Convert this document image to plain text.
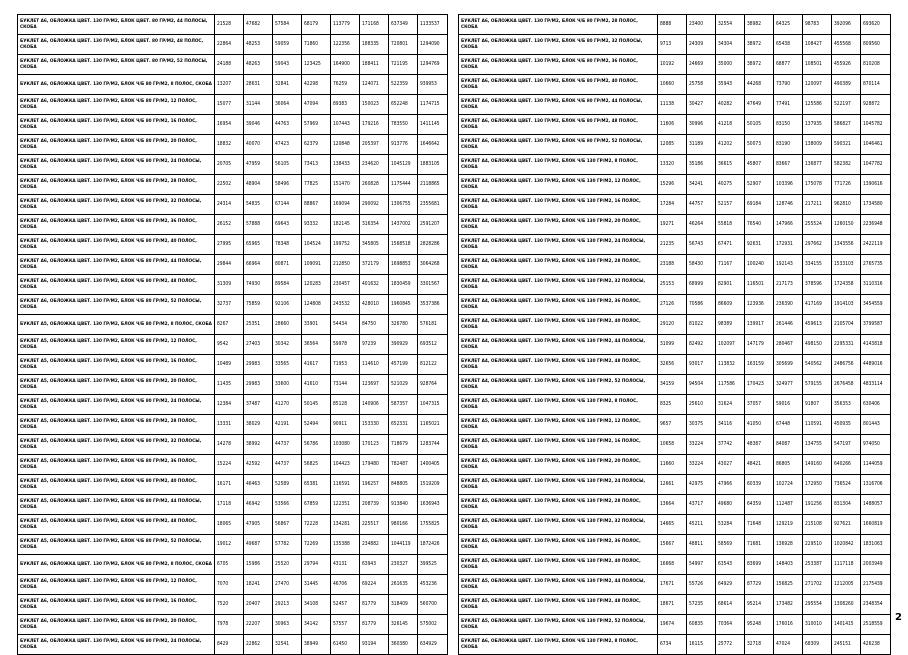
БУКЛЕТ А6, ОБЛОЖКА ЦВЕТ. 130 ГР/М2, БЛОК ЦВЕТ. 80 ГР/М2, 44 ПОЛОСЫ, СКОБА	21528	47682	57584	68179	113779	171168	637349	1133537
БУКЛЕТ А6, ОБЛОЖКА ЦВЕТ. 130 ГР/М2, БЛОК ЦВЕТ. 80 ГР/М2, 48 ПОЛОС, СКОБА	22864	48253	59059	71860	122356	188335	720801	1294090
БУКЛЕТ А6, ОБЛОЖКА ЦВЕТ. 130 ГР/М2, БЛОК ЦВЕТ. 80 ГР/М2, 52 ПОЛОСЫ, СКОБА	24188	48263	59043	123425	164900	188411	721195	1294769
БУКЛЕТ А6, ОБЛОЖКА ЦВЕТ. 130 ГР/М2, БЛОК Ч/Б 80 ГР/М2, 8 ПОЛОС, СКОБА	13207	28631	32841	42298	76259	124071	522359	939953
БУКЛЕТ А6, ОБЛОЖКА ЦВЕТ. 130 ГР/М2, БЛОК Ч/Б 80 ГР/М2, 12 ПОЛОС, СКОБА	15077	31144	36064	47094	89383	150023	652248	1174715
БУКЛЕТ А6, ОБЛОЖКА ЦВЕТ. 130 ГР/М2, БЛОК Ч/Б 80 ГР/М2, 16 ПОЛОС, СКОБА	16954	39046	44763	57969	107443	179216	783550	1411145
БУКЛЕТ А6, ОБЛОЖКА ЦВЕТ. 130 ГР/М2, БЛОК Ч/Б 80 ГР/М2, 20 ПОЛОС, СКОБА	18832	40070	47423	62379	120848	205397	913776	1646642
БУКЛЕТ А6, ОБЛОЖКА ЦВЕТ. 130 ГР/М2, БЛОК Ч/Б 80 ГР/М2, 24 ПОЛОСЫ, СКОБА	20705	47959	56105	73413	138433	234620	1045129	1883105
БУКЛЕТ А6, ОБЛОЖКА ЦВЕТ. 130 ГР/М2, БЛОК Ч/Б 80 ГР/М2, 28 ПОЛОС, СКОБА	22502	48904	58496	77825	151470	260828	1175444	2118865
БУКЛЕТ А6, ОБЛОЖКА ЦВЕТ. 130 ГР/М2, БЛОК Ч/Б 80 ГР/М2, 32 ПОЛОСЫ, СКОБА	24314	54835	67144	88867	169094	290092	1306755	2355681
БУКЛЕТ А6, ОБЛОЖКА ЦВЕТ. 130 ГР/М2, БЛОК Ч/Б 80 ГР/М2, 36 ПОЛОС, СКОБА	26152	57888	69643	93332	182145	316354	1437002	2591207
БУКЛЕТ А6, ОБЛОЖКА ЦВЕТ. 130 ГР/М2, БЛОК Ч/Б 80 ГР/М2, 40 ПОЛОС, СКОБА	27995	65965	78348	104524	199752	345805	1568518	2828286
БУКЛЕТ А6, ОБЛОЖКА ЦВЕТ. 130 ГР/М2, БЛОК Ч/Б 80 ГР/М2, 44 ПОЛОСЫ, СКОБА	29844	66964	80871	109091	212850	372179	1698853	3064268
БУКЛЕТ А6, ОБЛОЖКА ЦВЕТ. 130 ГР/М2, БЛОК Ч/Б 80 ГР/М2, 48 ПОЛОС, СКОБА	31309	74930	89584	120283	230457	401632	1830459	3301567
БУКЛЕТ А6, ОБЛОЖКА ЦВЕТ. 130 ГР/М2, БЛОК Ч/Б 80 ГР/М2, 52 ПОЛОСЫ, СКОБА	32737	75859	92106	124808	243532	428010	1960845	3537386
БУКЛЕТ А5, ОБЛОЖКА ЦВЕТ. 130 ГР/М2, БЛОК Ч/Б 80 ГР/М2, 8 ПОЛОС, СКОБА	8267	25351	28660	33901	54434	84750	326780	576181
БУКЛЕТ А5, ОБЛОЖКА ЦВЕТ. 130 ГР/М2, БЛОК Ч/Б 80 ГР/М2, 12 ПОЛОС, СКОБА	9542	27403	30342	36564	59978	97239	390929	693512
БУКЛЕТ А5, ОБЛОЖКА ЦВЕТ. 130 ГР/М2, БЛОК Ч/Б 80 ГР/М2, 16 ПОЛОС, СКОБА	10489	29983	33565	41617	71953	114610	457199	812122
БУКЛЕТ А5, ОБЛОЖКА ЦВЕТ. 130 ГР/М2, БЛОК Ч/Б 80 ГР/М2, 20 ПОЛОС, СКОБА	11435	29983	33600	41610	73144	123697	521029	928764
БУКЛЕТ А5, ОБЛОЖКА ЦВЕТ. 130 ГР/М2, БЛОК Ч/Б 80 ГР/М2, 24 ПОЛОСЫ, СКОБА	12384	37487	41270	50145	85128	140906	587357	1047315
БУКЛЕТ А5, ОБЛОЖКА ЦВЕТ. 130 ГР/М2, БЛОК Ч/Б 80 ГР/М2, 28 ПОЛОС, СКОБА	13331	38029	42191	52494	90911	153330	652331	1165021
БУКЛЕТ А5, ОБЛОЖКА ЦВЕТ. 130 ГР/М2, БЛОК Ч/Б 80 ГР/М2, 32 ПОЛОСЫ, СКОБА	14278	38992	44737	56786	103080	170123	718679	1283744
БУКЛЕТ А5, ОБЛОЖКА ЦВЕТ. 130 ГР/М2, БЛОК Ч/Б 80 ГР/М2, 36 ПОЛОС, СКОБА	15224	42592	44737	56825	104423	179480	782487	1400405
БУКЛЕТ А5, ОБЛОЖКА ЦВЕТ. 130 ГР/М2, БЛОК Ч/Б 80 ГР/М2, 40 ПОЛОС, СКОБА	16171	46463	52589	65381	116591	196257	848805	1519209
БУКЛЕТ А5, ОБЛОЖКА ЦВЕТ. 130 ГР/М2, БЛОК Ч/Б 80 ГР/М2, 44 ПОЛОСЫ, СКОБА	17118	46942	53566	67859	122351	208739	913840	1636943
БУКЛЕТ А5, ОБЛОЖКА ЦВЕТ. 130 ГР/М2, БЛОК Ч/Б 80 ГР/М2, 48 ПОЛОС, СКОБА	18065	47905	56867	72228	134281	225517	980166	1755825
БУКЛЕТ А5, ОБЛОЖКА ЦВЕТ. 130 ГР/М2, БЛОК Ч/Б 80 ГР/М2, 52 ПОЛОСЫ, СКОБА	19012	49687	57782	72269	135388	234882	1044119	1872426
БУКЛЕТ А6, ОБЛОЖКА ЦВЕТ. 130 ГР/М2, БЛОК Ч/Б 80 ГР/М2, 8 ПОЛОС, СКОБА	6705	15986	25520	29794	43131	63943	230327	399525
БУКЛЕТ А6, ОБЛОЖКА ЦВЕТ. 130 ГР/М2, БЛОК Ч/Б 80 ГР/М2, 12 ПОЛОС, СКОБА	7070	18241	27470	31445	46706	69224	261635	453236
БУКЛЕТ А6, ОБЛОЖКА ЦВЕТ. 130 ГР/М2, БЛОК Ч/Б 80 ГР/М2, 16 ПОЛОС, СКОБА	7520	20407	29213	34108	52457	81779	318409	560700
БУКЛЕТ А6, ОБЛОЖКА ЦВЕТ. 130 ГР/М2, БЛОК Ч/Б 80 ГР/М2, 20 ПОЛОС, СКОБА	7978	22207	30963	34142	57557	81779	326145	575002
БУКЛЕТ А6, ОБЛОЖКА ЦВЕТ. 130 ГР/М2, БЛОК Ч/Б 80 ГР/М2, 24 ПОЛОСЫ, СКОБА	8429	22862	32541	38949	61450	93194	360380	634929
БУКЛЕТ А6, ОБЛОЖКА ЦВЕТ. 130 ГР/М2, БЛОК Ч/Б 80 ГР/М2, 28 ПОЛОС, СКОБА	8888	23400	32554	38982	64325	98783	392096	693620
БУКЛЕТ А6, ОБЛОЖКА ЦВЕТ. 130 ГР/М2, БЛОК Ч/Б 80 ГР/М2, 32 ПОЛОСЫ, СКОБА	9713	24309	34304	38972	65438	108427	455568	809560
БУКЛЕТ А6, ОБЛОЖКА ЦВЕТ. 130 ГР/М2, БЛОК Ч/Б 80 ГР/М2, 36 ПОЛОС, СКОБА	10192	24669	35000	38972	68877	108501	455926	810208
БУКЛЕТ А6, ОБЛОЖКА ЦВЕТ. 130 ГР/М2, БЛОК Ч/Б 80 ГР/М2, 40 ПОЛОС, СКОБА	10660	25758	35943	44268	73790	120097	490389	870114
БУКЛЕТ А6, ОБЛОЖКА ЦВЕТ. 130 ГР/М2, БЛОК Ч/Б 80 ГР/М2, 44 ПОЛОСЫ, СКОБА	11138	30427	40282	47649	77491	125586	522197	928872
БУКЛЕТ А6, ОБЛОЖКА ЦВЕТ. 130 ГР/М2, БЛОК Ч/Б 80 ГР/М2, 48 ПОЛОС, СКОБА	11606	30996	41218	50105	83150	137935	586827	1045782
БУКЛЕТ А6, ОБЛОЖКА ЦВЕТ. 130 ГР/М2, БЛОК Ч/Б 80 ГР/М2, 52 ПОЛОСЫ, СКОБА	12085	31189	41202	50073	83190	138009	590321	1046461
БУКЛЕТ А4, ОБЛОЖКА ЦВЕТ. 130 ГР/М2, БЛОК Ч/Б 130 ГР/М2, 8 ПОЛОС, СКОБА	13320	35186	36615	45807	83667	136877	582382	1047782
БУКЛЕТ А4, ОБЛОЖКА ЦВЕТ. 130 ГР/М2, БЛОК Ч/Б 130 ГР/М2, 12 ПОЛОС, СКОБА	15296	34241	40275	52907	103396	175078	771726	1390616
БУКЛЕТ А4, ОБЛОЖКА ЦВЕТ. 130 ГР/М2, БЛОК Ч/Б 130 ГР/М2, 16 ПОЛОС, СКОБА	17284	44757	52157	69184	128746	217211	962810	1734580
БУКЛЕТ А4, ОБЛОЖКА ЦВЕТ. 130 ГР/М2, БЛОК Ч/Б 130 ГР/М2, 20 ПОЛОС, СКОБА	19271	46264	55818	76540	147966	255524	1260150	2236948
БУКЛЕТ А4, ОБЛОЖКА ЦВЕТ. 130 ГР/М2, БЛОК Ч/Б 130 ГР/М2, 24 ПОЛОСЫ, СКОБА	21235	56743	67471	92631	172931	297662	1343556	2422119
БУКЛЕТ А4, ОБЛОЖКА ЦВЕТ. 130 ГР/М2, БЛОК Ч/Б 130 ГР/М2, 28 ПОЛОС, СКОБА	23188	58430	71167	100240	192143	334155	1533103	2765735
БУКЛЕТ А4, ОБЛОЖКА ЦВЕТ. 130 ГР/М2, БЛОК Ч/Б 130 ГР/М2, 32 ПОЛОСЫ, СКОБА	25153	68999	82901	116501	217173	378596	1724358	3110316
БУКЛЕТ А4, ОБЛОЖКА ЦВЕТ. 130 ГР/М2, БЛОК Ч/Б 130 ГР/М2, 36 ПОЛОС, СКОБА	27126	70586	86609	123936	236390	417169	1914103	3454559
БУКЛЕТ А4, ОБЛОЖКА ЦВЕТ. 130 ГР/М2, БЛОК Ч/Б 130 ГР/М2, 40 ПОЛОС, СКОБА	29120	81022	98389	139917	261446	459613	2105704	3799587
БУКЛЕТ А4, ОБЛОЖКА ЦВЕТ. 130 ГР/М2, БЛОК Ч/Б 130 ГР/М2, 44 ПОЛОСЫ, СКОБА	31099	82492	102097	147179	280467	498150	2295331	4143818
БУКЛЕТ А4, ОБЛОЖКА ЦВЕТ. 130 ГР/М2, БЛОК Ч/Б 130 ГР/М2, 48 ПОЛОС, СКОБА	32656	93017	113832	163159	305699	540562	2486756	4489016
БУКЛЕТ А4, ОБЛОЖКА ЦВЕТ. 130 ГР/М2, БЛОК Ч/Б 130 ГР/М2, 52 ПОЛОСЫ, СКОБА	34159	94504	117586	170423	324977	579155	2676458	4833114
БУКЛЕТ А5, ОБЛОЖКА ЦВЕТ. 130 ГР/М2, БЛОК Ч/Б 130 ГР/М2, 8 ПОЛОС, СКОБА	8325	25610	31624	37057	59016	91807	356353	630406
БУКЛЕТ А5, ОБЛОЖКА ЦВЕТ. 130 ГР/М2, БЛОК Ч/Б 130 ГР/М2, 12 ПОЛОС, СКОБА	9657	30375	34116	41050	67448	110591	450935	801443
БУКЛЕТ А5, ОБЛОЖКА ЦВЕТ. 130 ГР/М2, БЛОК Ч/Б 130 ГР/М2, 16 ПОЛОС, СКОБА	10658	33224	37742	48387	84087	134755	547197	974050
БУКЛЕТ А5, ОБЛОЖКА ЦВЕТ. 130 ГР/М2, БЛОК Ч/Б 130 ГР/М2, 20 ПОЛОС, СКОБА	11660	33224	43027	48421	86805	149160	640266	1144059
БУКЛЕТ А5, ОБЛОЖКА ЦВЕТ. 130 ГР/М2, БЛОК Ч/Б 130 ГР/М2, 24 ПОЛОСЫ, СКОБА	12661	42975	47966	60339	102724	172950	736524	1316706
БУКЛЕТ А5, ОБЛОЖКА ЦВЕТ. 130 ГР/М2, БЛОК Ч/Б 130 ГР/М2, 28 ПОЛОС, СКОБА	13664	43717	49680	64359	112487	191256	831304	1488057
БУКЛЕТ А5, ОБЛОЖКА ЦВЕТ. 130 ГР/М2, БЛОК Ч/Б 130 ГР/М2, 32 ПОЛОСЫ, СКОБА	14665	45211	53284	71648	129219	215108	927621	1660819
БУКЛЕТ А5, ОБЛОЖКА ЦВЕТ. 130 ГР/М2, БЛОК Ч/Б 130 ГР/М2, 36 ПОЛОС, СКОБА	15667	48811	58569	71681	136928	229510	1020842	1831063
БУКЛЕТ А5, ОБЛОЖКА ЦВЕТ. 130 ГР/М2, БЛОК Ч/Б 130 ГР/М2, 40 ПОЛОС, СКОБА	16668	54997	63543	83699	148403	253387	1117118	2003949
БУКЛЕТ А5, ОБЛОЖКА ЦВЕТ. 130 ГР/М2, БЛОК Ч/Б 130 ГР/М2, 44 ПОЛОСЫ, СКОБА	17671	55726	64929	87729	156825	271702	1212005	2175439
БУКЛЕТ А5, ОБЛОЖКА ЦВЕТ. 130 ГР/М2, БЛОК Ч/Б 130 ГР/М2, 48 ПОЛОС, СКОБА	18671	57235	68614	95214	173482	295554	1308260	2348354
БУКЛЕТ А5, ОБЛОЖКА ЦВЕТ. 130 ГР/М2, БЛОК Ч/Б 130 ГР/М2, 52 ПОЛОСЫ, СКОБА	19674	60835	70364	95248	176016	310010	1401415	2518559
БУКЛЕТ А6, ОБЛОЖКА ЦВЕТ. 130 ГР/М2, БЛОК Ч/Б 130 ГР/М2, 8 ПОЛОС, СКОБА	6734	16115	25772	32718	47024	68309	245151	426238
2
